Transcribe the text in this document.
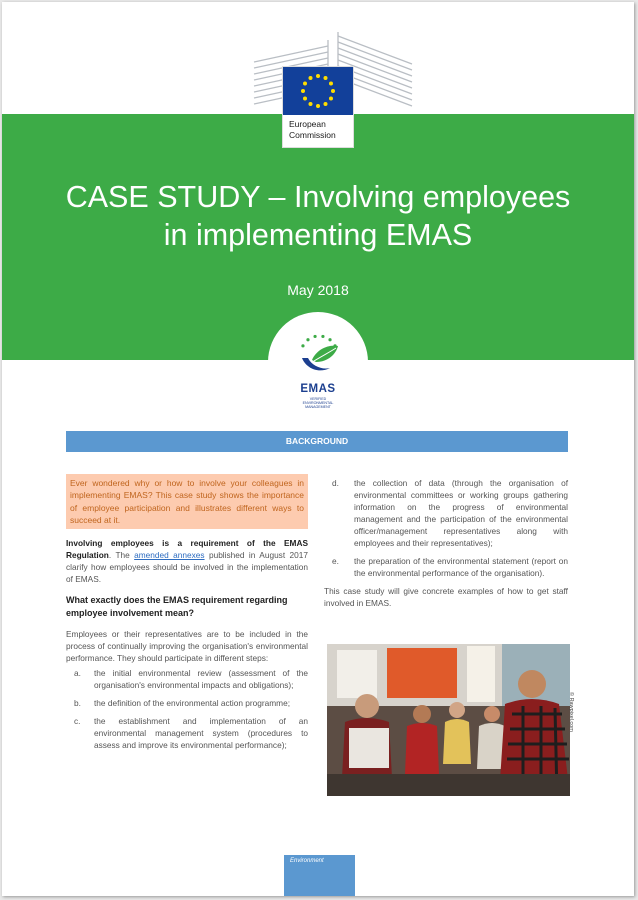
European
Commission
CASE STUDY – Involving employees
in implementing EMAS
May 2018
EMAS
VERIFIED
ENVIRONMENTAL
MANAGEMENT
BACKGROUND
Ever wondered why or how to involve your colleagues in implementing EMAS? This case study shows the importance of employee participation and illustrates different ways to succeed at it.

Involving employees is a requirement of the EMAS Regulation. The amended annexes published in August 2017 clarify how employees should be involved in the implementation of EMAS.

What exactly does the EMAS requirement regarding employee involvement mean?

Employees or their representatives are to be included in the process of continually improving the organisation's environmental performance. They should participate in different steps:

a. the initial environmental review (assessment of the organisation's environmental impacts and obligations);
b. the definition of the environmental action programme;
c. the establishment and implementation of an environmental management system (procedures to assess and improve its environmental performance);
d. the collection of data (through the organisation of environmental committees or working groups gathering information on the progress of environmental management and the participation of the environmental officer/management representatives along with employees and their representatives);
e. the preparation of the environmental statement (report on the environmental performance of the organisation).

This case study will give concrete examples of how to get staff involved in EMAS.

© Rawpixel.com
Environment
